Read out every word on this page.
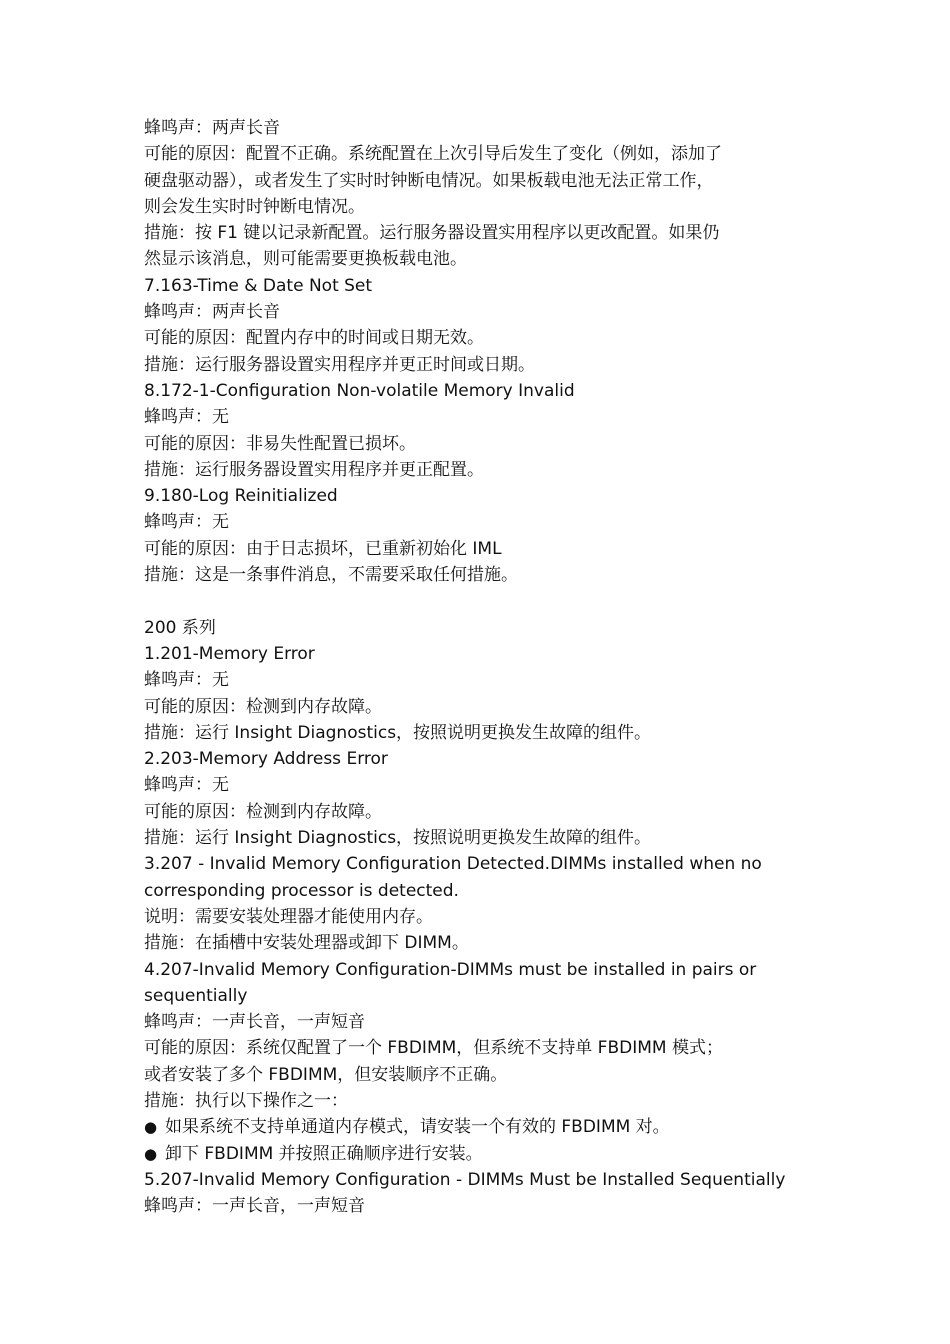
蜂鸣声：两声长音

可能的原因：配置不正确。系统配置在上次引导后发生了变化（例如，添加了

硬盘驱动器），或者发生了实时时钟断电情况。如果板载电池无法正常工作，

则会发生实时时钟断电情况。

措施：按 F1 键以记录新配置。运行服务器设置实用程序以更改配置。如果仍

然显示该消息，则可能需要更换板载电池。

7.163-Time & Date Not Set

蜂鸣声：两声长音

可能的原因：配置内存中的时间或日期无效。

措施：运行服务器设置实用程序并更正时间或日期。

8.172-1-Configuration Non-volatile Memory Invalid

蜂鸣声：无

可能的原因：非易失性配置已损坏。

措施：运行服务器设置实用程序并更正配置。

9.180-Log Reinitialized

蜂鸣声：无

可能的原因：由于日志损坏，已重新初始化 IML

措施：这是一条事件消息，不需要采取任何措施。

200 系列

1.201-Memory Error

蜂鸣声：无

可能的原因：检测到内存故障。

措施：运行 Insight Diagnostics，按照说明更换发生故障的组件。

2.203-Memory Address Error

蜂鸣声：无

可能的原因：检测到内存故障。

措施：运行 Insight Diagnostics，按照说明更换发生故障的组件。

3.207 - Invalid Memory Configuration Detected.DIMMs installed when no

corresponding processor is detected.

说明：需要安装处理器才能使用内存。

措施：在插槽中安装处理器或卸下 DIMM。

4.207-Invalid Memory Configuration-DIMMs must be installed in pairs or

sequentially

蜂鸣声：一声长音，一声短音

可能的原因：系统仅配置了一个 FBDIMM，但系统不支持单 FBDIMM 模式；

或者安装了多个 FBDIMM，但安装顺序不正确。

措施：执行以下操作之一：

● 如果系统不支持单通道内存模式，请安装一个有效的 FBDIMM 对。

● 卸下 FBDIMM 并按照正确顺序进行安装。

5.207-Invalid Memory Configuration - DIMMs Must be Installed Sequentially

蜂鸣声：一声长音，一声短音
